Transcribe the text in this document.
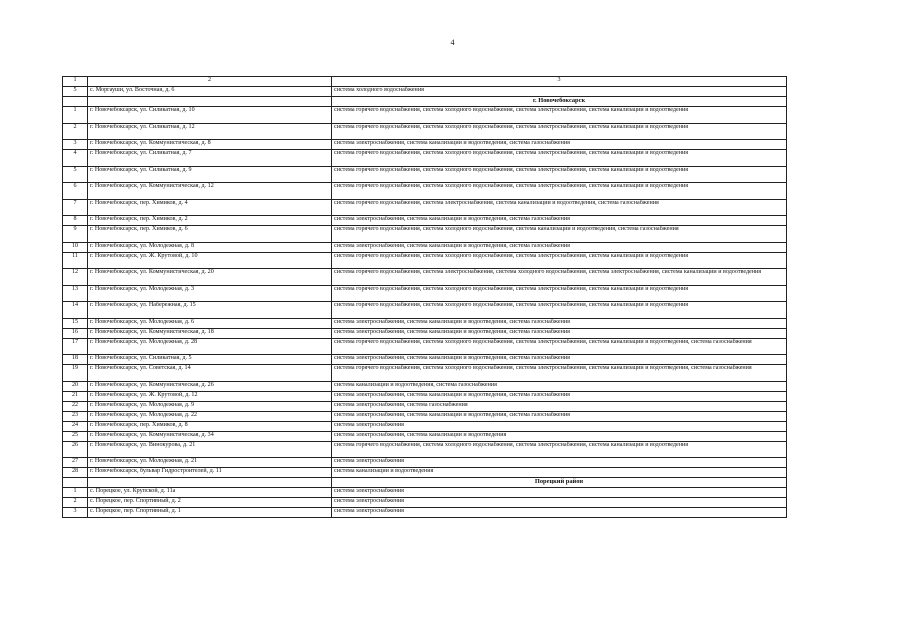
4
1	2	3
5	с. Моргауши, ул. Восточная, д. 6	система холодного водоснабжения
		г. Новочебоксарск
1	г. Новочебоксарск, ул. Силикатная, д. 10	система горячего водоснабжения, система холодного водоснабжения, система электроснабжения, система канализации и водоотведения
2	г. Новочебоксарск, ул. Силикатная, д. 12	система горячего водоснабжения, система холодного водоснабжения, система электроснабжения, система канализации и водоотведения
3	г. Новочебоксарск, ул. Коммунистическая, д. 8	система электроснабжения, система канализации и водоотведения, система газоснабжения
4	г. Новочебоксарск, ул. Силикатная, д. 7	система горячего водоснабжения, система холодного водоснабжения, система электроснабжения, система канализации и водоотведения
5	г. Новочебоксарск, ул. Силикатная, д. 9	система горячего водоснабжения, система холодного водоснабжения, система электроснабжения, система канализации и водоотведения
6	г. Новочебоксарск, ул. Коммунистическая, д. 12	система горячего водоснабжения, система холодного водоснабжения, система электроснабжения, система канализации и водоотведения
7	г. Новочебоксарск, пер. Химиков, д. 4	система горячего водоснабжения, система электроснабжения, система канализации и водоотведения, система газоснабжения
8	г. Новочебоксарск, пер. Химиков, д. 2	система электроснабжения, система канализации и водоотведения, система газоснабжения
9	г. Новочебоксарск, пер. Химиков, д. 6	система горячего водоснабжения, система холодного водоснабжения, система канализации и водоотведения, система газоснабжения
10	г. Новочебоксарск, ул. Молодежная, д. 8	система электроснабжения, система канализации и водоотведения, система газоснабжения
11	г. Новочебоксарск, ул. Ж. Крутовой, д. 10	система горячего водоснабжения, система холодного водоснабжения, система электроснабжения, система канализации и водоотведения
12	г. Новочебоксарск, ул. Коммунистическая, д. 20	система горячего водоснабжения, система электроснабжения, система холодного водоснабжения, система электроснабжения, система канализации и водоотведения
13	г. Новочебоксарск, ул. Молодежная, д. 3	система горячего водоснабжения, система холодного водоснабжения, система электроснабжения, система канализации и водоотведения
14	г. Новочебоксарск, ул. Набережная, д. 15	система горячего водоснабжения, система холодного водоснабжения, система электроснабжения, система канализации и водоотведения
15	г. Новочебоксарск, ул. Молодежная, д. 6	система электроснабжения, система канализации и водоотведения, система газоснабжения
16	г. Новочебоксарск, ул. Коммунистическая, д. 18	система электроснабжения, система канализации и водоотведения, система газоснабжения
17	г. Новочебоксарск, ул. Молодежная, д. 28	система горячего водоснабжения, система холодного водоснабжения, система электроснабжения, система канализации и водоотведения, система газоснабжения
18	г. Новочебоксарск, ул. Силикатная, д. 5	система электроснабжения, система канализации и водоотведения, система газоснабжения
19	г. Новочебоксарск, ул. Советская, д. 14	система горячего водоснабжения, система холодного водоснабжения, система электроснабжения, система канализации и водоотведения, система газоснабжения
20	г. Новочебоксарск, ул. Коммунистическая, д. 26	система канализации и водоотведения, система газоснабжения
21	г. Новочебоксарск, ул. Ж. Крутовой, д. 12	система электроснабжения, система канализации и водоотведения, система газоснабжения
22	г. Новочебоксарск, ул. Молодежная, д. 9	система электроснабжения, система газоснабжения
23	г. Новочебоксарск, ул. Молодежная, д. 22	система электроснабжения, система канализации и водоотведения, система газоснабжения
24	г. Новочебоксарск, пер. Химиков, д. 8	система электроснабжения
25	г. Новочебоксарск, ул. Коммунистическая, д. 34	система электроснабжения, система канализации и водоотведения
26	г. Новочебоксарск, ул. Винокурова, д. 21	система горячего водоснабжения, система холодного водоснабжения, система электроснабжения, система канализации и водоотведения
27	г. Новочебоксарск, ул. Молодежная, д. 21	система электроснабжения
28	г. Новочебоксарск, бульвар Гидростроителей, д. 11	система канализации и водоотведения
		Порецкий район
1	с. Порецкое, ул. Крупской, д. 11а	система электроснабжения
2	с. Порецкое, пер. Спортивный, д. 2	система электроснабжения
3	с. Порецкое, пер. Спортивный, д. 1	система электроснабжения
